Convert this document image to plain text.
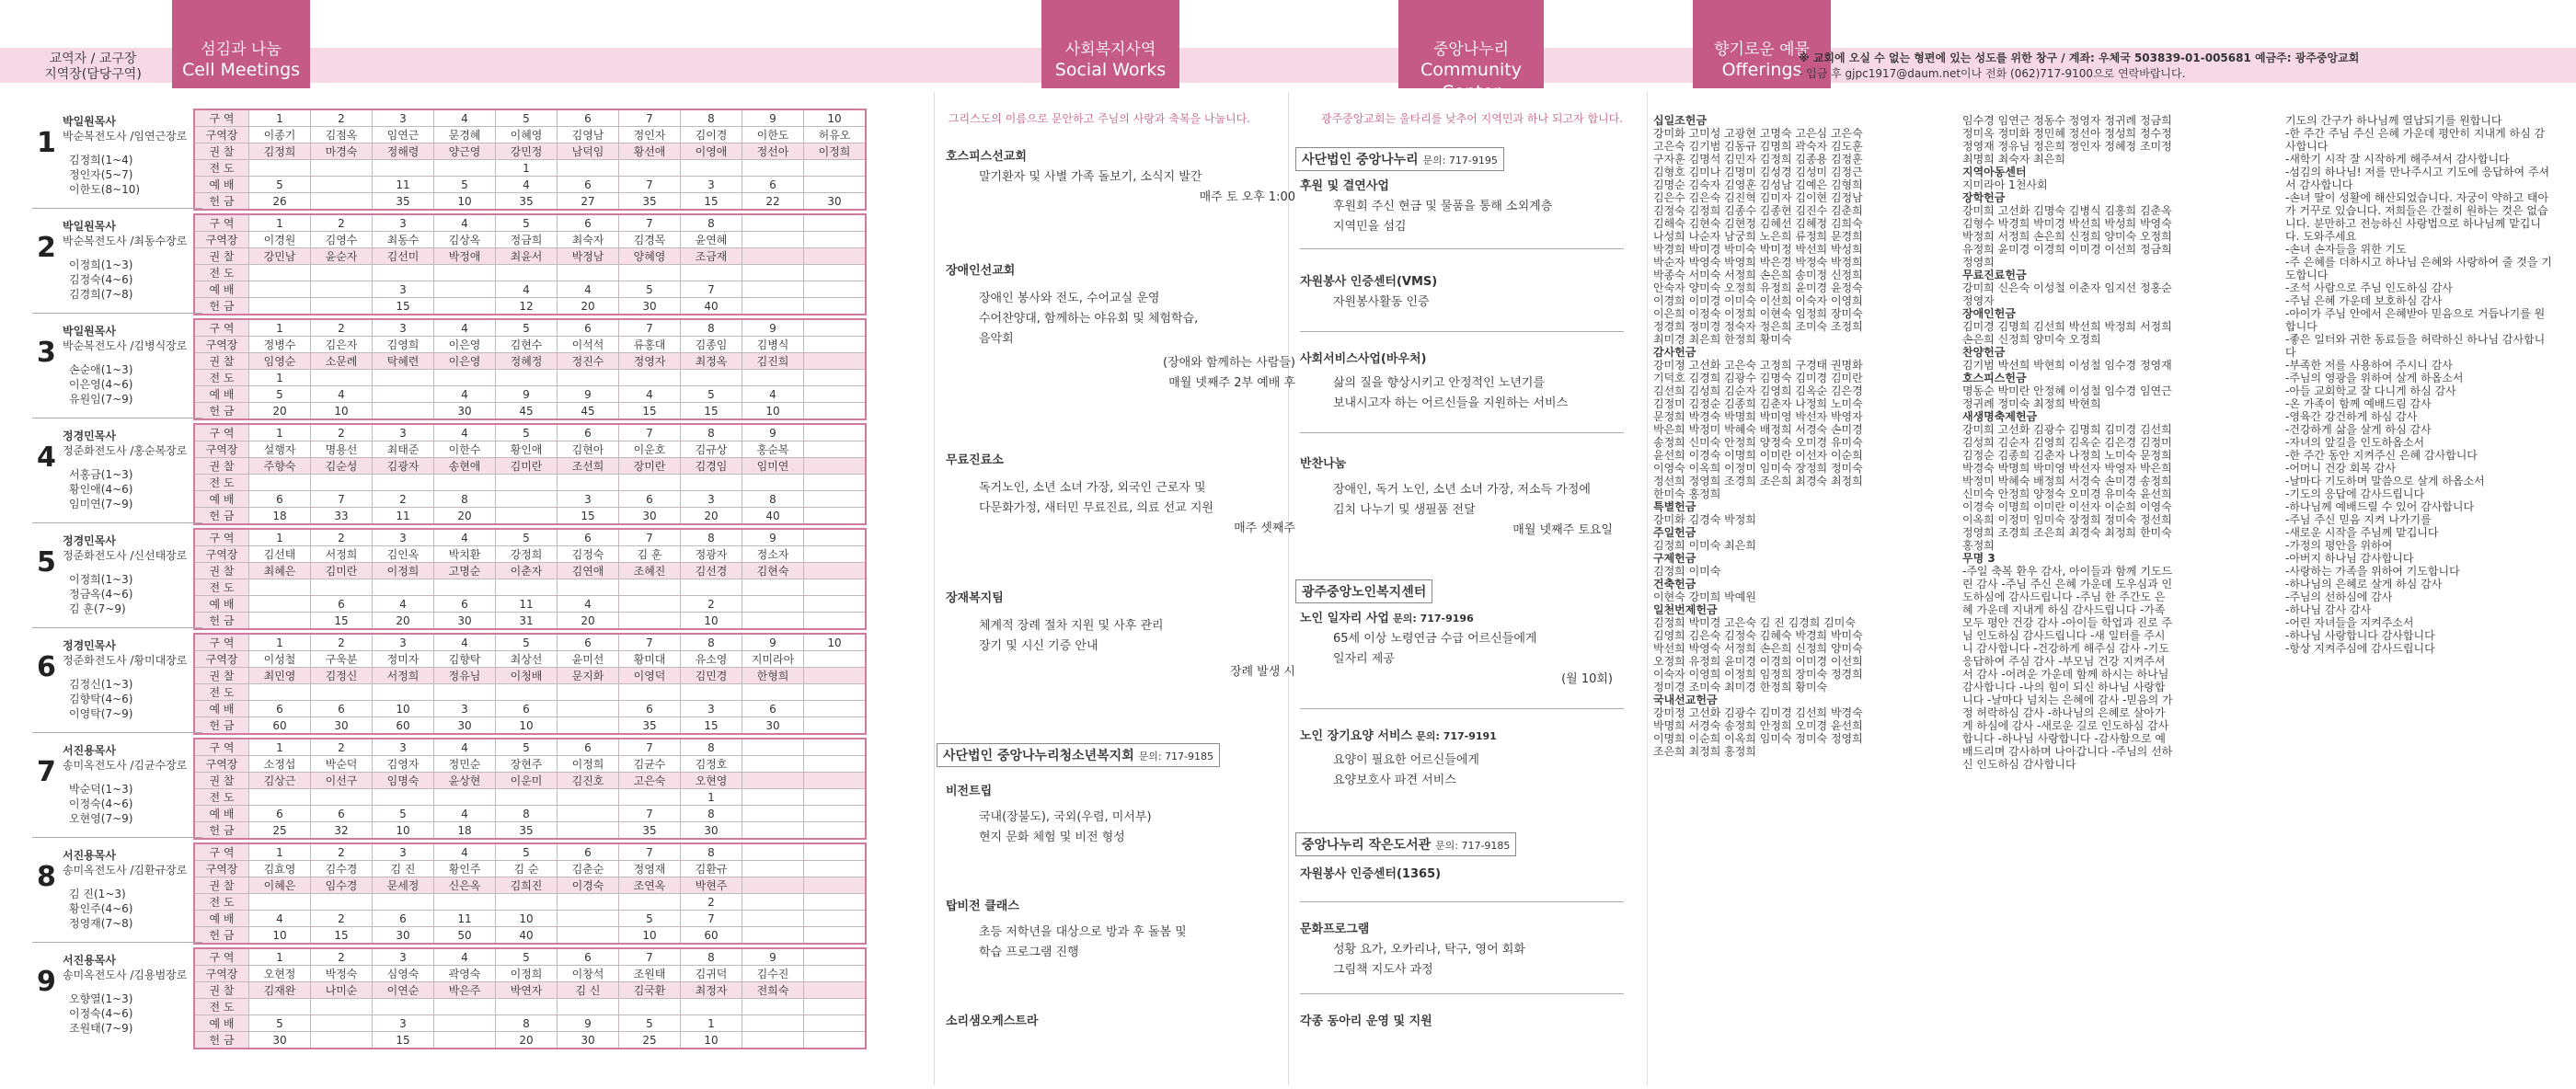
교역자 / 교구장
지역장(담당구역)
섬김과 나눔
Cell Meetings
사회복지사역
Social Works
중앙나누리
Community Center
향기로운 예물
Offerings
※ 교회에 오실 수 없는 형편에 있는 성도를 위한 창구 / 계좌: 우체국 503839-01-005681 예금주: 광주중앙교회
- 입금 후 gjpc1917@daum.net이나 전화 (062)717-9100으로 연락바랍니다.
1
박일원목사
박순복전도사 /임연근장로
김정희(1~4)
정인자(5~7)
이한도(8~10)
구 역	1	2	3	4	5	6	7	8	9	10
구역장	이종기	김점옥	임연근	문경혜	이혜영	김영남	정인자	김이경	이한도	허유오
권 찰	김정희	마경숙	정해령	양근영	강민정	남덕임	황선애	이영애	정선아	이정희
전 도					1					
예 배	5		11	5	4	6	7	3	6	
헌 금	26		35	10	35	27	35	15	22	30
2
박일원목사
박순복전도사 /최동수장로
이정희(1~3)
김정숙(4~6)
김경희(7~8)
구 역	1	2	3	4	5	6	7	8		
구역장	이경원	김영수	최동수	김상옥	정금희	최숙자	김경목	윤연혜		
권 찰	강민남	윤순자	김선미	박정애	최윤서	박정남	양혜영	조금재		
전 도										
예 배			3		4	4	5	7		
헌 금			15		12	20	30	40		
3
박일원목사
박순복전도사 /김병식장로
손순애(1~3)
이은영(4~6)
유원임(7~9)
구 역	1	2	3	4	5	6	7	8	9	
구역장	정병수	김은자	김영희	이은영	김현수	이석석	류홍대	김종임	김병식	
권 찰	임영순	소문례	탁혜련	이은영	정혜정	정진수	정영자	최정옥	김진희	
전 도	1									
예 배	5	4		4	9	9	4	5	4	
헌 금	20	10		30	45	45	15	15	10	
4
정경민목사
정준화전도사 /홍순복장로
서홍금(1~3)
황인애(4~6)
임미연(7~9)
구 역	1	2	3	4	5	6	7	8	9	
구역장	설행자	명용선	최태준	이한수	황인애	김현아	이운호	김규상	홍순복	
권 찰	주향숙	김순성	김광자	송현애	김미란	조선희	장미란	김경임	임미연	
전 도										
예 배	6	7	2	8		3	6	3	8	
헌 금	18	33	11	20		15	30	20	40	
5
정경민목사
정준화전도사 /신선태장로
이정희(1~3)
정금옥(4~6)
김 훈(7~9)
구 역	1	2	3	4	5	6	7	8	9	
구역장	김선태	서정희	김인옥	박치환	강정희	김정숙	김 훈	정광자	정소자	
권 찰	최혜은	김미란	이정희	고명순	이춘자	김연애	조혜진	김선경	김현숙	
전 도										
예 배		6	4	6	11	4		2		
헌 금		15	20	30	31	20		10		
6
정경민목사
정준화전도사 /황미대장로
김정신(1~3)
김향탁(4~6)
이영탁(7~9)
구 역	1	2	3	4	5	6	7	8	9	10
구역장	이성철	구욱분	정미자	김향탁	최상선	윤미선	황미대	유소영	지미라아	
권 찰	최민영	김정신	서정희	정유님	이청배	문지화	이영덕	김민경	한형희	
전 도										
예 배	6	6	10	3	6		6	3	6	
헌 금	60	30	60	30	10		35	15	30	
7
서진용목사
송미옥전도사 /김균수장로
박순덕(1~3)
이정숙(4~6)
오현영(7~9)
구 역	1	2	3	4	5	6	7	8		
구역장	소정섭	박순덕	김영자	정민순	장현주	이정희	김균수	김정호		
권 찰	김상근	이선구	임명숙	윤상현	이운미	김진호	고은숙	오현영		
전 도								1		
예 배	6	6	5	4	8		7	8		
헌 금	25	32	10	18	35		35	30		
8
서진용목사
송미옥전도사 /김환규장로
김 진(1~3)
황인주(4~6)
정영재(7~8)
구 역	1	2	3	4	5	6	7	8		
구역장	김효영	김수경	김 진	황인주	김 순	김춘순	정영재	김환규		
권 찰	이혜은	임수경	문세정	신은옥	김희진	이경숙	조연옥	박현주		
전 도								2		
예 배	4	2	6	11	10		5	7		
헌 금	10	15	30	50	40		10	60		
9
서진용목사
송미옥전도사 /김용범장로
오향열(1~3)
이정숙(4~6)
조원태(7~9)
구 역	1	2	3	4	5	6	7	8	9	
구역장	오현정	박정숙	심영숙	곽영숙	이정희	이창석	조원태	김귀덕	김수진	
권 찰	김재완	나미순	이연순	박은주	박연자	김 신	김국환	최정자	전희숙	
전 도										
예 배	5		3		8	9	5	1		
헌 금	30		15		20	30	25	10		
그리스도의 이름으로 문안하고 주님의 사랑과 축복을 나눕니다.
호스피스선교회
말기환자 및 사별 가족 돌보기, 소식지 발간
매주 토 오후 1:00
장애인선교회
장애인 봉사와 전도, 수어교실 운영
수어찬양대, 함께하는 야유회 및 체험학습,
음악회
(장애와 함께하는 사람들)
매월 넷째주 2부 예배 후
무료진료소
독거노인, 소년 소녀 가장, 외국인 근로자 및
다문화가정, 새터민 무료진료, 의료 선교 지원
매주 셋째주
장재복지팀
체계적 장례 절차 지원 및 사후 관리
장기 및 시신 기증 안내
장례 발생 시
사단법인 중앙나누리청소년복지회 문의: 717-9185
비전트립
국내(장불도), 국외(우렴, 미서부)
현지 문화 체험 및 비전 형성
탑비전 클래스
초등 저학년을 대상으로 방과 후 돌봄 및
학습 프로그램 진행
소리샘오케스트라
광주중앙교회는 울타리를 낮추어 지역민과 하나 되고자 합니다.
사단법인 중앙나누리 문의: 717-9195
후원 및 결연사업
후원회 주신 현금 및 물품을 통해 소외계층
지역민을 섬김
자원봉사 인증센터(VMS)
자원봉사활동 인증
사회서비스사업(바우처)
삶의 질을 향상시키고 안정적인 노년기를
보내시고자 하는 어르신들을 지원하는 서비스
반찬나눔
장애인, 독거 노인, 소년 소녀 가장, 저소득 가정에
김치 나누기 및 생필품 전달
매월 넷째주 토요일
광주중앙노인복지센터
노인 일자리 사업 문의: 717-9196
65세 이상 노령연금 수급 어르신들에게
일자리 제공
(월 10회)
노인 장기요양 서비스 문의: 717-9191
요양이 필요한 어르신들에게
요양보호사 파견 서비스
중앙나누리 작은도서관 문의: 717-9185
자원봉사 인증센터(1365)
문화프로그램
성황 요가, 오카리나, 탁구, 영어 회화
그림책 지도사 과정
각종 동아리 운영 및 지원
십일조헌금
강미화 고미성 고광현 고명숙 고은심 고은숙 고은숙 김기범 김동규 김명희 곽숙자 김도훈 구자훈 김명석 김민자 김정희 김종용 김정훈 김형호 김미나 김명미 김성경 김성미 김정근 김명순 김숙자 김영훈 김성남 김예은 김형희 김은수 김은숙 김진혁 김미자 김이현 김정남 김정숙 김정희 김종수 김종현 김진수 김춘희 김해숙 김현숙 김현정 김혜선 김혜정 김희숙 나성희 나순자 남궁희 노은희 류정희 문경희 박경희 박미경 박미숙 박미정 박선희 박성희 박순자 박영숙 박영희 박은경 박정숙 박정희 박종숙 서미숙 서정희 손은희 송미정 신정희 안숙자 양미숙 오정희 유정희 윤미경 윤정숙 이경희 이미경 이미숙 이선희 이숙자 이영희 이은희 이정숙 이정희 이현숙 임정희 장미숙 정경희 정미경 정숙자 정은희 조미숙 조정희 최미경 최은희 한정희 황미숙
감사헌금
강미정 고선화 고은숙 고정희 구경태 권명화 기덕호 김경희 김광수 김명숙 김미경 김미란 김선희 김성희 김순자 김영희 김옥순 김은경 김정미 김정순 김종희 김춘자 나정희 노미숙 문정희 박경숙 박명희 박미영 박선자 박영자 박은희 박정미 박혜숙 배정희 서경숙 손미경 송정희 신미숙 안정희 양정숙 오미경 유미숙 윤선희 이경숙 이명희 이미란 이선자 이순희 이영숙 이옥희 이정미 임미숙 장정희 정미숙 정선희 정영희 조경희 조은희 최경숙 최정희 한미숙 홍정희
특별헌금
강미화 김경숙 박정희
주일헌금
김정희 이미숙 최은희
구제헌금
김정희 이미숙
건축헌금
이현숙 강미희 박예원
일천번제헌금
김정희 박미경 고은숙 김 진 김경희 김미숙 김영희 김은숙 김정숙 김혜숙 박경희 박미숙 박선희 박영숙 서정희 손은희 신정희 양미숙 오정희 유정희 윤미경 이경희 이미경 이선희 이숙자 이영희 이정희 임정희 장미숙 정경희 정미경 조미숙 최미경 한정희 황미숙
국내선교헌금
강미정 고선화 김광수 김미경 김선희 박경숙 박명희 서경숙 송정희 안정희 오미경 윤선희 이명희 이순희 이옥희 임미숙 정미숙 정영희 조은희 최정희 홍정희
임수경 임연근 정동수 정영자 정귀례 정금희 정미옥 정미화 정민혜 정선아 정성희 정수정 정영재 정유님 정은희 정인자 정혜정 조미정 최명희 최숙자 최은희
지역아동센터
지미라아 1천사회
장학헌금
강미희 고선화 김명숙 김병식 김홍희 김춘옥 김형수 박경희 박미경 박선희 박성희 박영숙 박정희 서정희 손은희 신정희 양미숙 오정희 유정희 윤미경 이경희 이미경 이선희 정금희 정영희
무료진료헌금
강미희 신은숙 이성철 이춘자 임지선 정홍순 정영자
장애인헌금
김미경 김명희 김선희 박선희 박정희 서정희 손은희 신정희 양미숙 오정희
찬양헌금
김기범 박선희 박현희 이성철 임수경 정영재
호스피스헌금
명동순 박미란 안정혜 이성철 임수경 임연근 정귀례 정미숙 최정희 박현희
새생명축제헌금
강미희 고선화 김광수 김명희 김미경 김선희 김성희 김순자 김영희 김옥순 김은경 김정미 김정순 김종희 김춘자 나정희 노미숙 문정희 박경숙 박명희 박미영 박선자 박영자 박은희 박정미 박혜숙 배정희 서경숙 손미경 송정희 신미숙 안정희 양정숙 오미경 유미숙 윤선희 이경숙 이명희 이미란 이선자 이순희 이영숙 이옥희 이정미 임미숙 장정희 정미숙 정선희 정영희 조경희 조은희 최경숙 최정희 한미숙 홍정희
무명 3
-주일 축복 환우 감사, 아이들과 함께 기도드린 감사 -주님 주신 은혜 가운데 도우심과 인도하심에 감사드립니다 -주님 한 주간도 은혜 가운데 지내게 하심 감사드립니다 -가족 모두 평안 건강 감사 -아이들 학업과 진로 주님 인도하심 감사드립니다 -새 일터를 주시니 감사합니다 -건강하게 해주심 감사 -기도 응답하여 주심 감사 -부모님 건강 지켜주셔서 감사 -어려운 가운데 함께 하시는 하나님 감사합니다 -나의 힘이 되신 하나님 사랑합니다 -날마다 넘치는 은혜에 감사 -믿음의 가정 허락하심 감사 -하나님의 은혜로 살아가게 하심에 감사 -새로운 길로 인도하심 감사합니다 -하나님 사랑합니다 -감사함으로 예배드리며 감사하며 나아갑니다 -주님의 선하신 인도하심 감사합니다
기도의 간구가 하나님께 열납되기를 원합니다
-한 주간 주님 주신 은혜 가운데 평안히 지내게 하심 감사합니다
-새학기 시작 잘 시작하게 해주셔서 감사합니다
-섬김의 하나님! 저를 만나주시고 기도에 응답하여 주셔서 감사합니다
-손녀 딸이 성활에 해산되었습니다. 자궁이 약하고 태아가 거꾸로 있습니다. 저희들은 간절히 원하는 것은 없습니다. 분만하고 전능하신 사랑법으로 하나님께 맡깁니다. 도와주세요
-손녀 손자들을 위한 기도
-주 은혜를 더하시고 하나님 은혜와 사랑하여 줄 것을 기도합니다
-조석 사람으로 주님 인도하심 감사
-주님 은혜 가운데 보호하심 감사
-아이가 주님 안에서 은혜받아 믿음으로 거듭나기를 원합니다
-좋은 일터와 귀한 동료들을 허락하신 하나님 감사합니다
-부족한 저를 사용하여 주시니 감사
-주님의 영광을 위하여 살게 하옵소서
-아들 교회학교 잘 다니게 하심 감사
-온 가족이 함께 예배드림 감사
-영육간 강건하게 하심 감사
-건강하게 삶을 살게 하심 감사
-자녀의 앞길을 인도하옵소서
-한 주간 동안 지켜주신 은혜 감사합니다
-어머니 건강 회복 감사
-날마다 기도하며 말씀으로 살게 하옵소서
-기도의 응답에 감사드립니다
-하나님께 예배드릴 수 있어 감사합니다
-주님 주신 믿음 지켜 나가기를
-새로운 시작을 주님께 맡깁니다
-가정의 평안을 위하여
-아버지 하나님 감사합니다
-사랑하는 가족을 위하여 기도합니다
-하나님의 은혜로 살게 하심 감사
-주님의 선하심에 감사
-하나님 감사 감사
-어린 자녀들을 지켜주소서
-하나님 사랑합니다 감사합니다
-항상 지켜주심에 감사드립니다
